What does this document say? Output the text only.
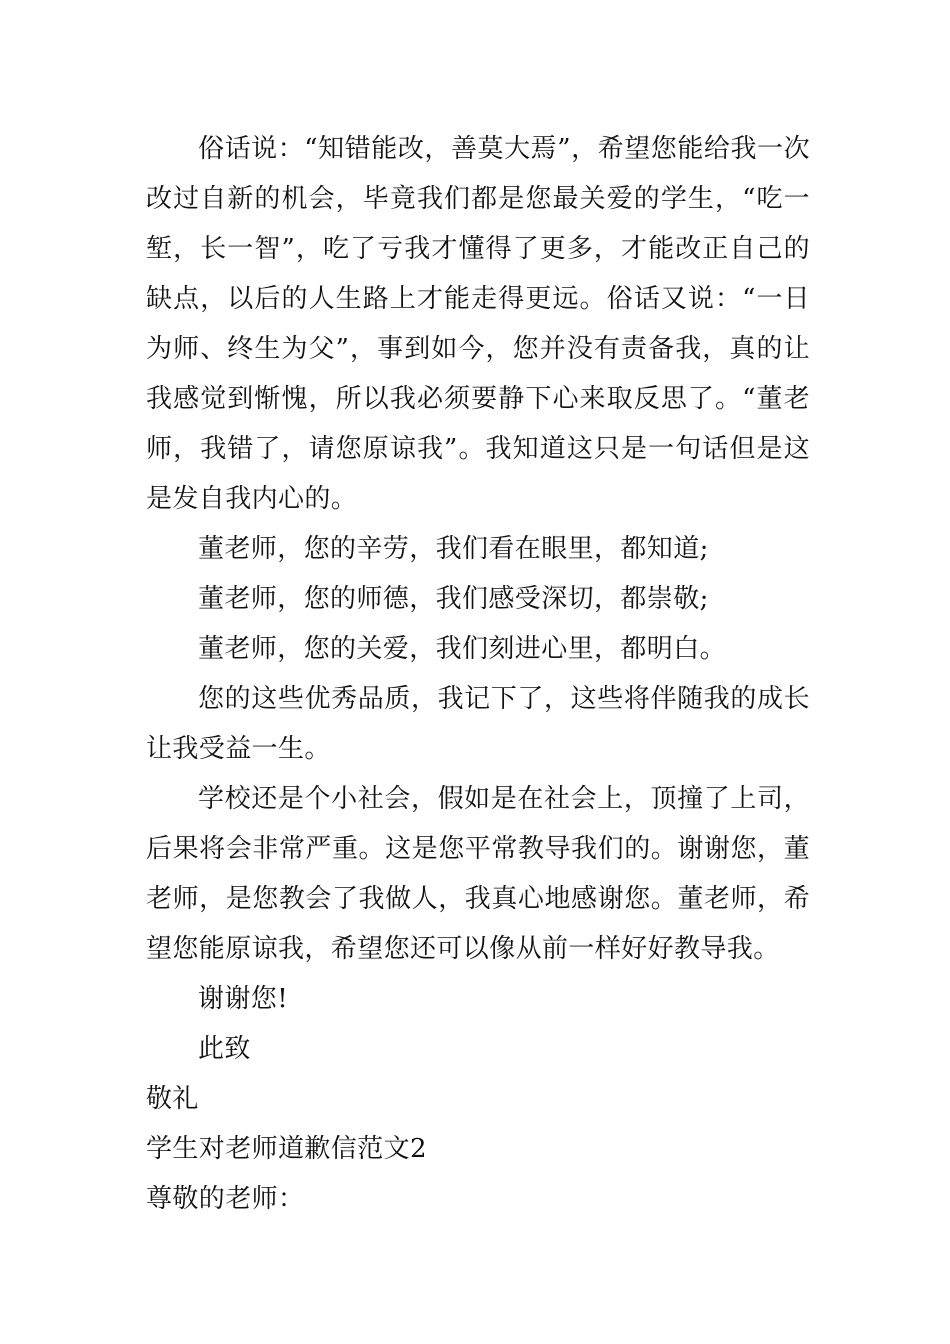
俗话说：“知错能改，善莫大焉”，希望您能给我一次改过自新的机会，毕竟我们都是您最关爱的学生，“吃一堑，长一智”，吃了亏我才懂得了更多，才能改正自己的缺点，以后的人生路上才能走得更远。俗话又说：“一日为师、终生为父”，事到如今，您并没有责备我，真的让我感觉到惭愧，所以我必须要静下心来取反思了。“董老师，我错了，请您原谅我”。我知道这只是一句话但是这是发自我内心的。

董老师，您的辛劳，我们看在眼里，都知道;

董老师，您的师德，我们感受深切，都崇敬;

董老师，您的关爱，我们刻进心里，都明白。

您的这些优秀品质，我记下了，这些将伴随我的成长让我受益一生。

学校还是个小社会，假如是在社会上，顶撞了上司，后果将会非常严重。这是您平常教导我们的。谢谢您，董老师，是您教会了我做人，我真心地感谢您。董老师，希望您能原谅我，希望您还可以像从前一样好好教导我。

谢谢您!

此致

敬礼

学生对老师道歉信范文2

尊敬的老师：
